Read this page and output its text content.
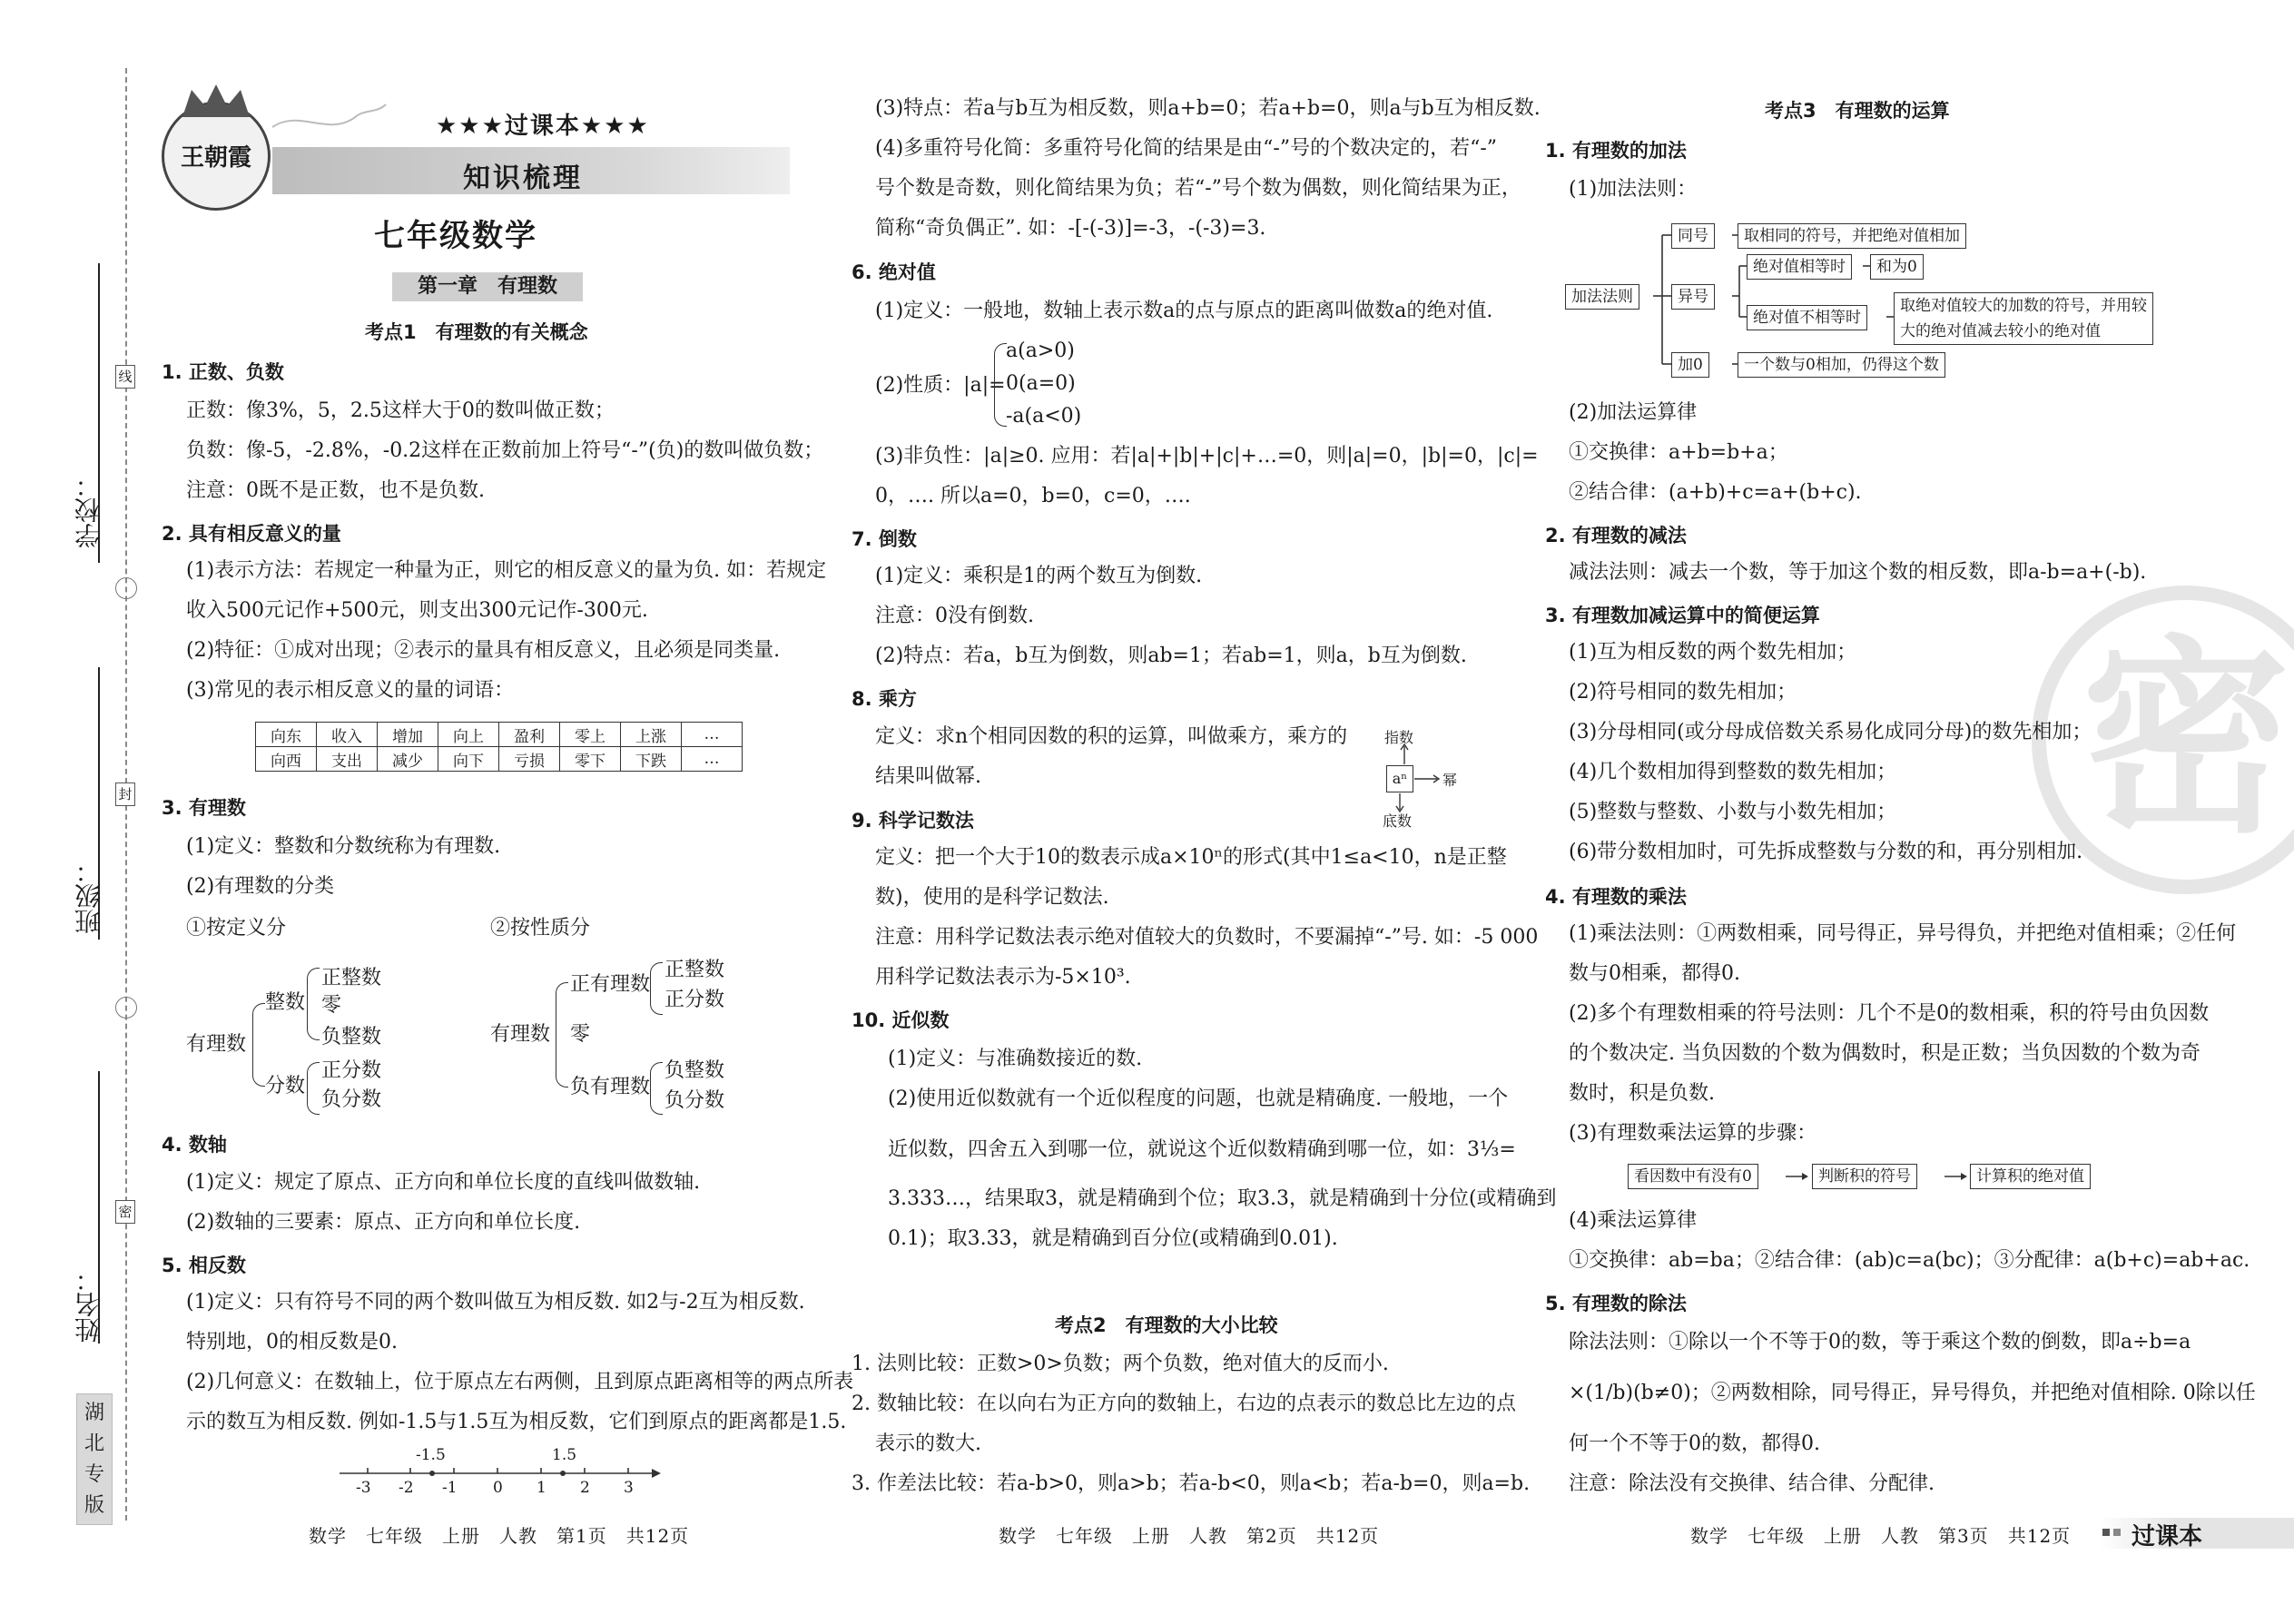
学校：
班级：
姓名：
线
封
密
湖
北
专
版
王朝霞
★★★过课本★★★
知识梳理
七年级数学
第一章　有理数
考点1　有理数的有关概念
1. 正数、负数
正数：像3%，5，2.5这样大于0的数叫做正数；
负数：像-5，-2.8%，-0.2这样在正数前加上符号“-”(负)的数叫做负数；
注意：0既不是正数，也不是负数.
2. 具有相反意义的量
(1)表示方法：若规定一种量为正，则它的相反意义的量为负. 如：若规定
收入500元记作+500元，则支出300元记作-300元.
(2)特征：①成对出现；②表示的量具有相反意义，且必须是同类量.
(3)常见的表示相反意义的量的词语：
向东	收入	增加	向上	盈利	零上	上涨	…
向西	支出	减少	向下	亏损	零下	下跌	…
3. 有理数
(1)定义：整数和分数统称为有理数.
(2)有理数的分类
①按定义分	②按性质分
有理数
整数
正整数
零
负整数
分数
正分数
负分数
有理数
正有理数
正整数
正分数
零
负有理数
负整数
负分数
4. 数轴
(1)定义：规定了原点、正方向和单位长度的直线叫做数轴.
(2)数轴的三要素：原点、正方向和单位长度.
5. 相反数
(1)定义：只有符号不同的两个数叫做互为相反数. 如2与-2互为相反数.
特别地，0的相反数是0.
(2)几何意义：在数轴上，位于原点左右两侧，且到原点距离相等的两点所表
示的数互为相反数. 例如-1.5与1.5互为相反数，它们到原点的距离都是1.5.
-1.5	1.5
-3 -2 -1 0 1 2 3
数学　七年级　上册　人教　第1页　共12页
(3)特点：若a与b互为相反数，则a+b=0；若a+b=0，则a与b互为相反数.
(4)多重符号化简：多重符号化简的结果是由“-”号的个数决定的，若“-”
号个数是奇数，则化简结果为负；若“-”号个数为偶数，则化简结果为正，
简称“奇负偶正”. 如：-[-(-3)]=-3，-(-3)=3.
6. 绝对值
(1)定义：一般地，数轴上表示数a的点与原点的距离叫做数a的绝对值.
(2)性质：|a|=
a(a>0)
0(a=0)
-a(a<0)
(3)非负性：|a|≥0. 应用：若|a|+|b|+|c|+…=0，则|a|=0，|b|=0，|c|=
0，…. 所以a=0，b=0，c=0，….
7. 倒数
(1)定义：乘积是1的两个数互为倒数.
注意：0没有倒数.
(2)特点：若a，b互为倒数，则ab=1；若ab=1，则a，b互为倒数.
8. 乘方
定义：求n个相同因数的积的运算，叫做乘方，乘方的
结果叫做幂.
指数
aⁿ	幂
底数
9. 科学记数法
定义：把一个大于10的数表示成a×10ⁿ的形式(其中1≤a<10，n是正整
数)，使用的是科学记数法.
注意：用科学记数法表示绝对值较大的负数时，不要漏掉“-”号. 如：-5 000
用科学记数法表示为-5×10³.
10. 近似数
(1)定义：与准确数接近的数.
(2)使用近似数就有一个近似程度的问题，也就是精确度. 一般地，一个
近似数，四舍五入到哪一位，就说这个近似数精确到哪一位，如：3⅓=
3.333…，结果取3，就是精确到个位；取3.3，就是精确到十分位(或精确到
0.1)；取3.33，就是精确到百分位(或精确到0.01).
考点2　有理数的大小比较
1. 法则比较：正数>0>负数；两个负数，绝对值大的反而小.
2. 数轴比较：在以向右为正方向的数轴上，右边的点表示的数总比左边的点
表示的数大.
3. 作差法比较：若a-b>0，则a>b；若a-b<0，则a<b；若a-b=0，则a=b.
数学　七年级　上册　人教　第2页　共12页
密
考点3　有理数的运算
1. 有理数的加法
(1)加法法则：
加法法则
同号	取相同的符号，并把绝对值相加
异号
绝对值相等时	和为0
绝对值不相等时
取绝对值较大的加数的符号，并用较
大的绝对值减去较小的绝对值
加0	一个数与0相加，仍得这个数
(2)加法运算律
①交换律：a+b=b+a；
②结合律：(a+b)+c=a+(b+c).
2. 有理数的减法
减法法则：减去一个数，等于加这个数的相反数，即a-b=a+(-b).
3. 有理数加减运算中的简便运算
(1)互为相反数的两个数先相加；
(2)符号相同的数先相加；
(3)分母相同(或分母成倍数关系易化成同分母)的数先相加；
(4)几个数相加得到整数的数先相加；
(5)整数与整数、小数与小数先相加；
(6)带分数相加时，可先拆成整数与分数的和，再分别相加.
4. 有理数的乘法
(1)乘法法则：①两数相乘，同号得正，异号得负，并把绝对值相乘；②任何
数与0相乘，都得0.
(2)多个有理数相乘的符号法则：几个不是0的数相乘，积的符号由负因数
的个数决定. 当负因数的个数为偶数时，积是正数；当负因数的个数为奇
数时，积是负数.
(3)有理数乘法运算的步骤：
看因数中有没有0	判断积的符号	计算积的绝对值
(4)乘法运算律
①交换律：ab=ba；②结合律：(ab)c=a(bc)；③分配律：a(b+c)=ab+ac.
5. 有理数的除法
除法法则：①除以一个不等于0的数，等于乘这个数的倒数，即a÷b=a
×(1/b)(b≠0)；②两数相除，同号得正，异号得负，并把绝对值相除. 0除以任
何一个不等于0的数，都得0.
注意：除法没有交换律、结合律、分配律.
数学　七年级　上册　人教　第3页　共12页	过课本
